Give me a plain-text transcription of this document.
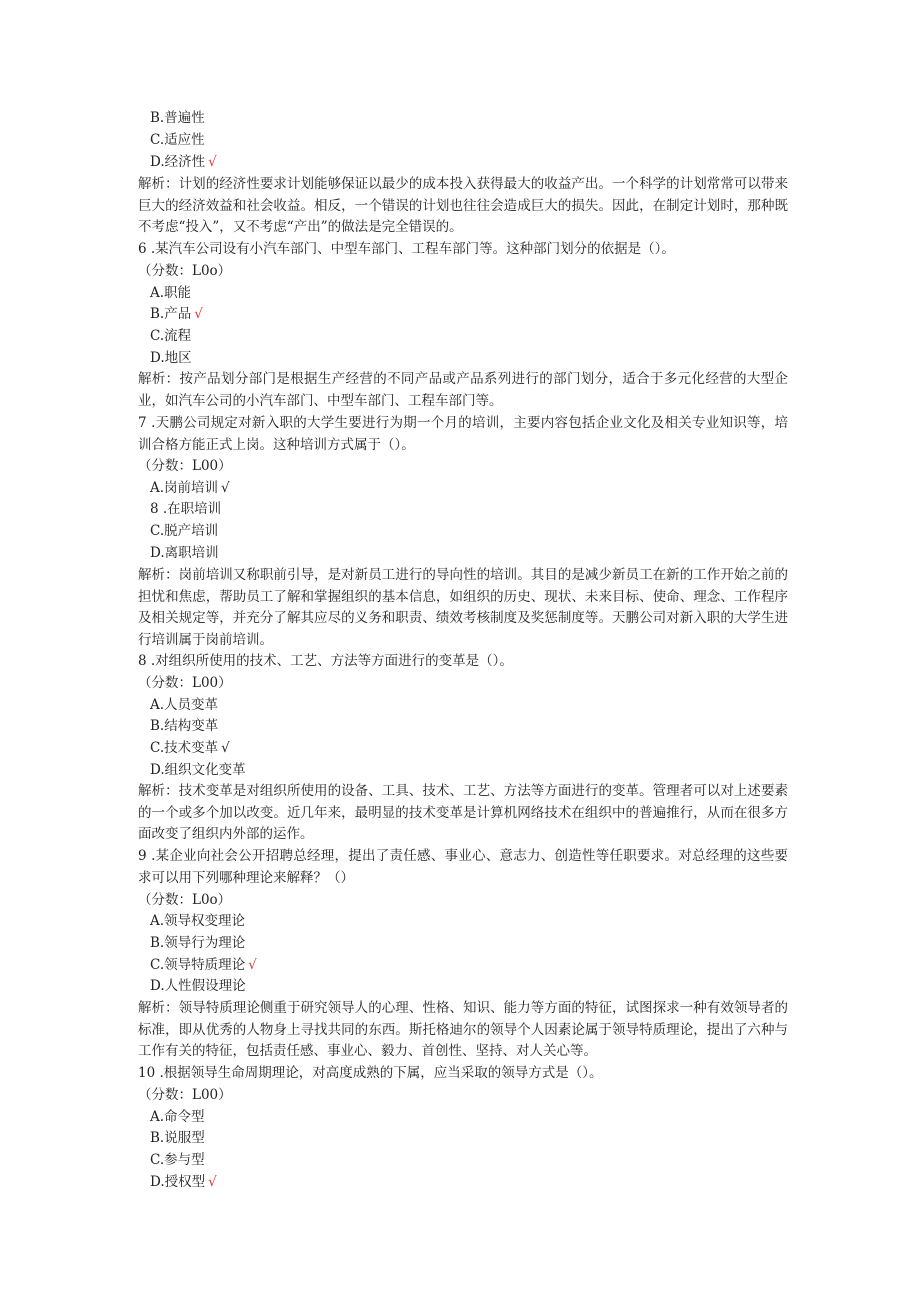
B.普遍性
C.适应性
D.经济性 √
解析：计划的经济性要求计划能够保证以最少的成本投入获得最大的收益产出。一个科学的计划常常可以带来巨大的经济效益和社会收益。相反，一个错误的计划也往往会造成巨大的损失。因此，在制定计划时，那种既不考虑“投入”，又不考虑“产出”的做法是完全错误的。
6 .某汽车公司设有小汽车部门、中型车部门、工程车部门等。这种部门划分的依据是（）。
（分数：L0o）
A.职能
B.产品 √
C.流程
D.地区
解析：按产品划分部门是根据生产经营的不同产品或产品系列进行的部门划分，适合于多元化经营的大型企业，如汽车公司的小汽车部门、中型车部门、工程车部门等。
7 .天鹏公司规定对新入职的大学生要进行为期一个月的培训，主要内容包括企业文化及相关专业知识等，培训合格方能正式上岗。这种培训方式属于（）。
（分数：L00）
A.岗前培训 √
8 .在职培训
C.脱产培训
D.离职培训
解析：岗前培训又称职前引导，是对新员工进行的导向性的培训。其目的是减少新员工在新的工作开始之前的担忧和焦虑，帮助员工了解和掌握组织的基本信息，如组织的历史、现状、未来目标、使命、理念、工作程序及相关规定等，并充分了解其应尽的义务和职责、绩效考核制度及奖惩制度等。天鹏公司对新入职的大学生进行培训属于岗前培训。
8 .对组织所使用的技术、工艺、方法等方面进行的变革是（）。
（分数：L00）
A.人员变革
B.结构变革
C.技术变革 √
D.组织文化变革
解析：技术变革是对组织所使用的设备、工具、技术、工艺、方法等方面进行的变革。管理者可以对上述要素的一个或多个加以改变。近几年来，最明显的技术变革是计算机网络技术在组织中的普遍推行，从而在很多方面改变了组织内外部的运作。
9 .某企业向社会公开招聘总经理，提出了责任感、事业心、意志力、创造性等任职要求。对总经理的这些要求可以用下列哪种理论来解释？（）
（分数：L0o）
A.领导权变理论
B.领导行为理论
C.领导特质理论 √
D.人性假设理论
解析：领导特质理论侧重于研究领导人的心理、性格、知识、能力等方面的特征，试图探求一种有效领导者的标准，即从优秀的人物身上寻找共同的东西。斯托格迪尔的领导个人因素论属于领导特质理论，提出了六种与工作有关的特征，包括责任感、事业心、毅力、首创性、坚持、对人关心等。
10 .根据领导生命周期理论，对高度成熟的下属，应当采取的领导方式是（）。
（分数：L00）
A.命令型
B.说服型
C.参与型
D.授权型 √
